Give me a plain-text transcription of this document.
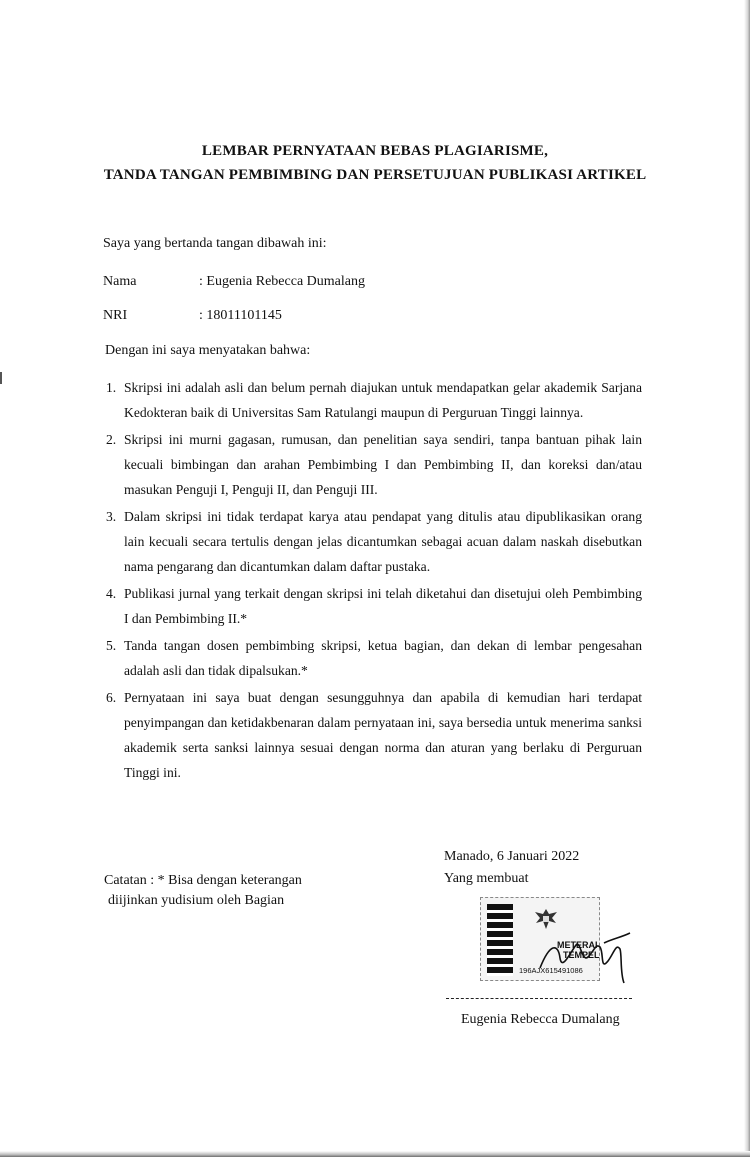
LEMBAR PERNYATAAN BEBAS PLAGIARISME,
TANDA TANGAN PEMBIMBING DAN PERSETUJUAN PUBLIKASI ARTIKEL
Saya yang bertanda tangan dibawah ini:
Nama	: Eugenia Rebecca Dumalang
NRI	: 18011101145
Dengan ini saya menyatakan bahwa:
1. Skripsi ini adalah asli dan belum pernah diajukan untuk mendapatkan gelar akademik Sarjana Kedokteran baik di Universitas Sam Ratulangi maupun di Perguruan Tinggi lainnya.
2. Skripsi ini murni gagasan, rumusan, dan penelitian saya sendiri, tanpa bantuan pihak lain kecuali bimbingan dan arahan Pembimbing I dan Pembimbing II, dan koreksi dan/atau masukan Penguji I, Penguji II, dan Penguji III.
3. Dalam skripsi ini tidak terdapat karya atau pendapat yang ditulis atau dipublikasikan orang lain kecuali secara tertulis dengan jelas dicantumkan sebagai acuan dalam naskah disebutkan nama pengarang dan dicantumkan dalam daftar pustaka.
4. Publikasi jurnal yang terkait dengan skripsi ini telah diketahui dan disetujui oleh Pembimbing I dan Pembimbing II.*
5. Tanda tangan dosen pembimbing skripsi, ketua bagian, dan dekan di lembar pengesahan adalah asli dan tidak dipalsukan.*
6. Pernyataan ini saya buat dengan sesungguhnya dan apabila di kemudian hari terdapat penyimpangan dan ketidakbenaran dalam pernyataan ini, saya bersedia untuk menerima sanksi akademik serta sanksi lainnya sesuai dengan norma dan aturan yang berlaku di Perguruan Tinggi ini.
Catatan : * Bisa dengan keterangan
diijinkan yudisium oleh Bagian
Manado, 6 Januari 2022
Yang membuat
METERAI
TEMPEL
196AJX615491086
Eugenia Rebecca Dumalang
